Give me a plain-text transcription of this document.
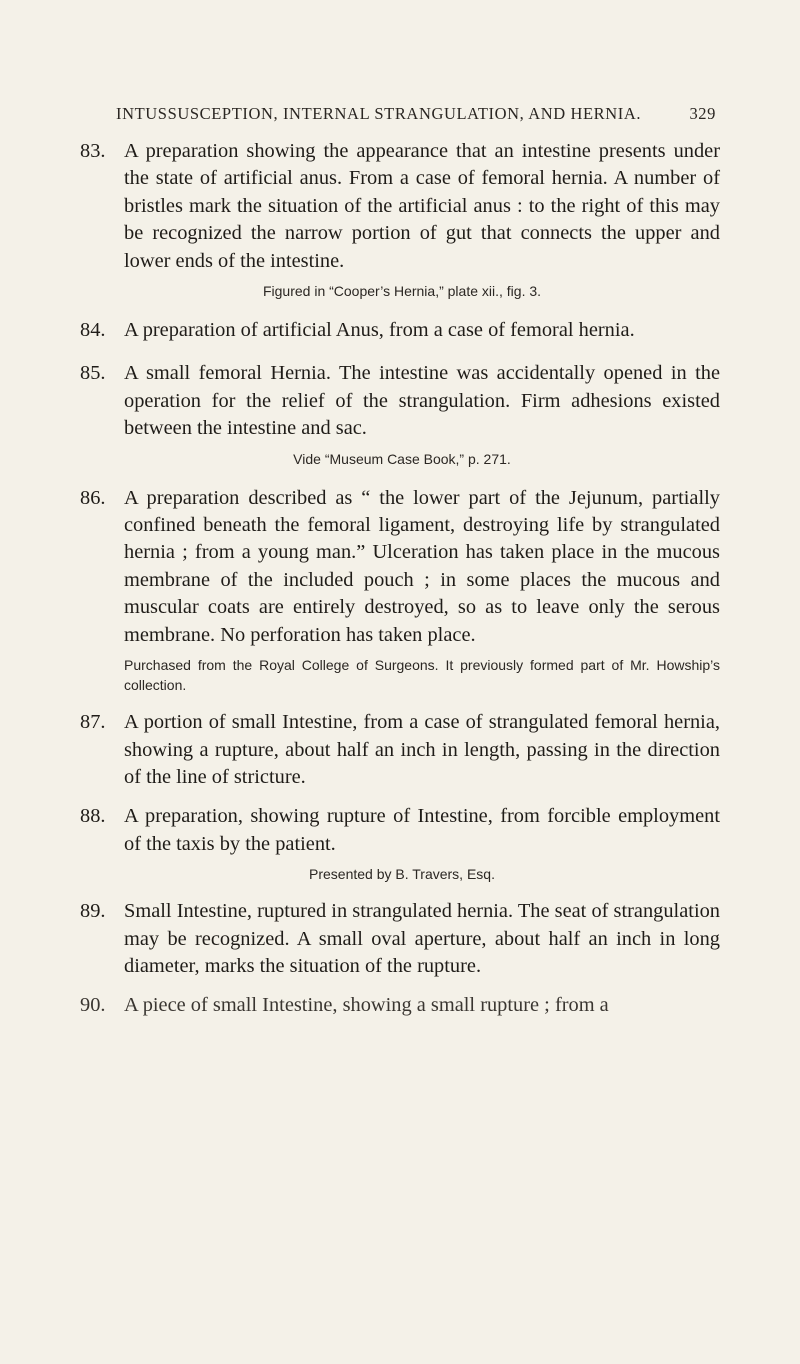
INTUSSUSCEPTION, INTERNAL STRANGULATION, AND HERNIA.	329
83. A preparation showing the appearance that an intestine presents under the state of artificial anus. From a case of femoral hernia. A number of bristles mark the situation of the artificial anus : to the right of this may be recognized the narrow portion of gut that connects the upper and lower ends of the intestine.
Figured in “Cooper’s Hernia,” plate xii., fig. 3.
84. A preparation of artificial Anus, from a case of femoral hernia.
85. A small femoral Hernia. The intestine was accidentally opened in the operation for the relief of the strangulation. Firm adhesions existed between the intestine and sac.
Vide “Museum Case Book,” p. 271.
86. A preparation described as “ the lower part of the Jejunum, partially confined beneath the femoral ligament, destroying life by strangulated hernia ; from a young man.” Ulceration has taken place in the mucous membrane of the included pouch ; in some places the mucous and muscular coats are entirely destroyed, so as to leave only the serous membrane. No perforation has taken place.
Purchased from the Royal College of Surgeons. It previously formed part of Mr. Howship’s collection.
87. A portion of small Intestine, from a case of strangulated femoral hernia, showing a rupture, about half an inch in length, passing in the direction of the line of stricture.
88. A preparation, showing rupture of Intestine, from forcible employment of the taxis by the patient.
Presented by B. Travers, Esq.
89. Small Intestine, ruptured in strangulated hernia. The seat of strangulation may be recognized. A small oval aperture, about half an inch in long diameter, marks the situation of the rupture.
90. A piece of small Intestine, showing a small rupture ; from a
